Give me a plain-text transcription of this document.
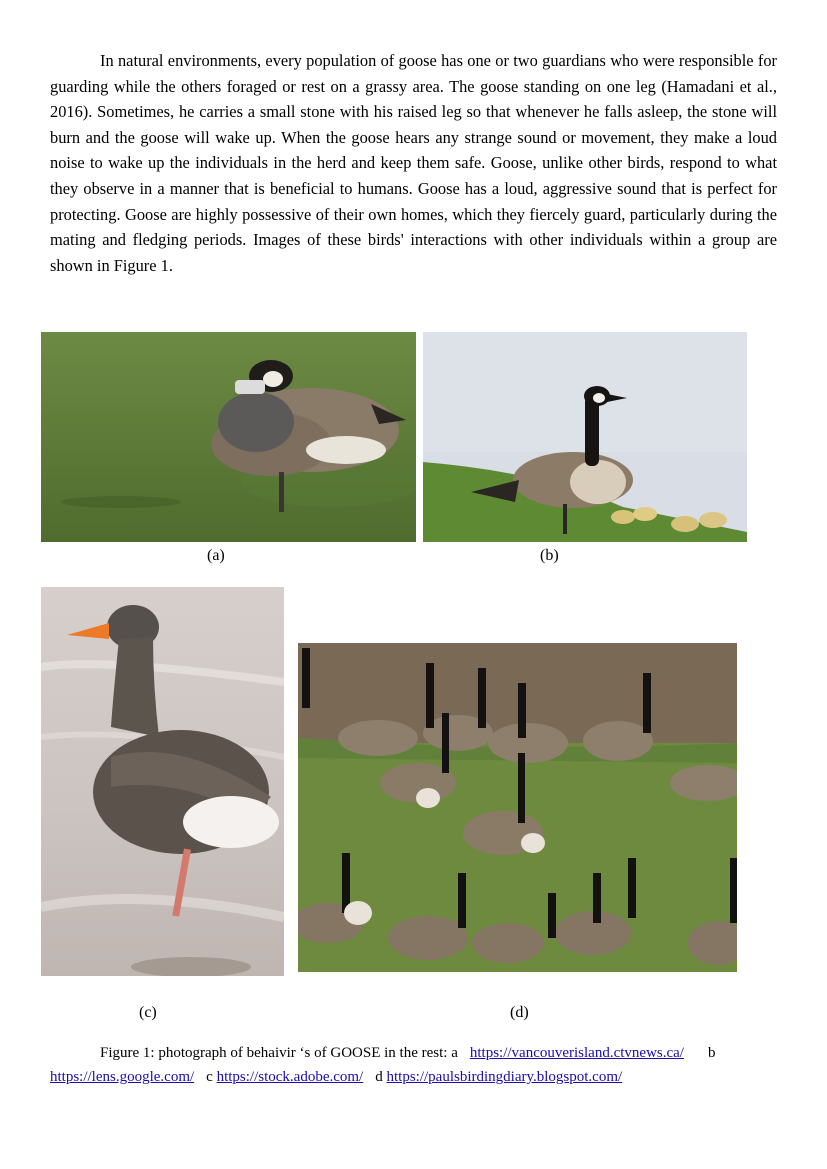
In natural environments, every population of goose has one or two guardians who were responsible for guarding while the others foraged or rest on a grassy area. The goose standing on one leg (Hamadani et al., 2016). Sometimes, he carries a small stone with his raised leg so that whenever he falls asleep, the stone will burn and the goose will wake up. When the goose hears any strange sound or movement, they make a loud noise to wake up the individuals in the herd and keep them safe. Goose, unlike other birds, respond to what they observe in a manner that is beneficial to humans. Goose has a loud, aggressive sound that is perfect for protecting. Goose are highly possessive of their own homes, which they fiercely guard, particularly during the mating and fledging periods. Images of these birds' interactions with other individuals within a group are shown in Figure 1.

(a)	(b)
(c)	(d)

Figure 1: photograph of behaivir ‘s of GOOSE in the rest: a https://vancouverisland.ctvnews.ca/ b
https://lens.google.com/ c https://stock.adobe.com/ d https://paulsbirdingdiary.blogspot.com/
